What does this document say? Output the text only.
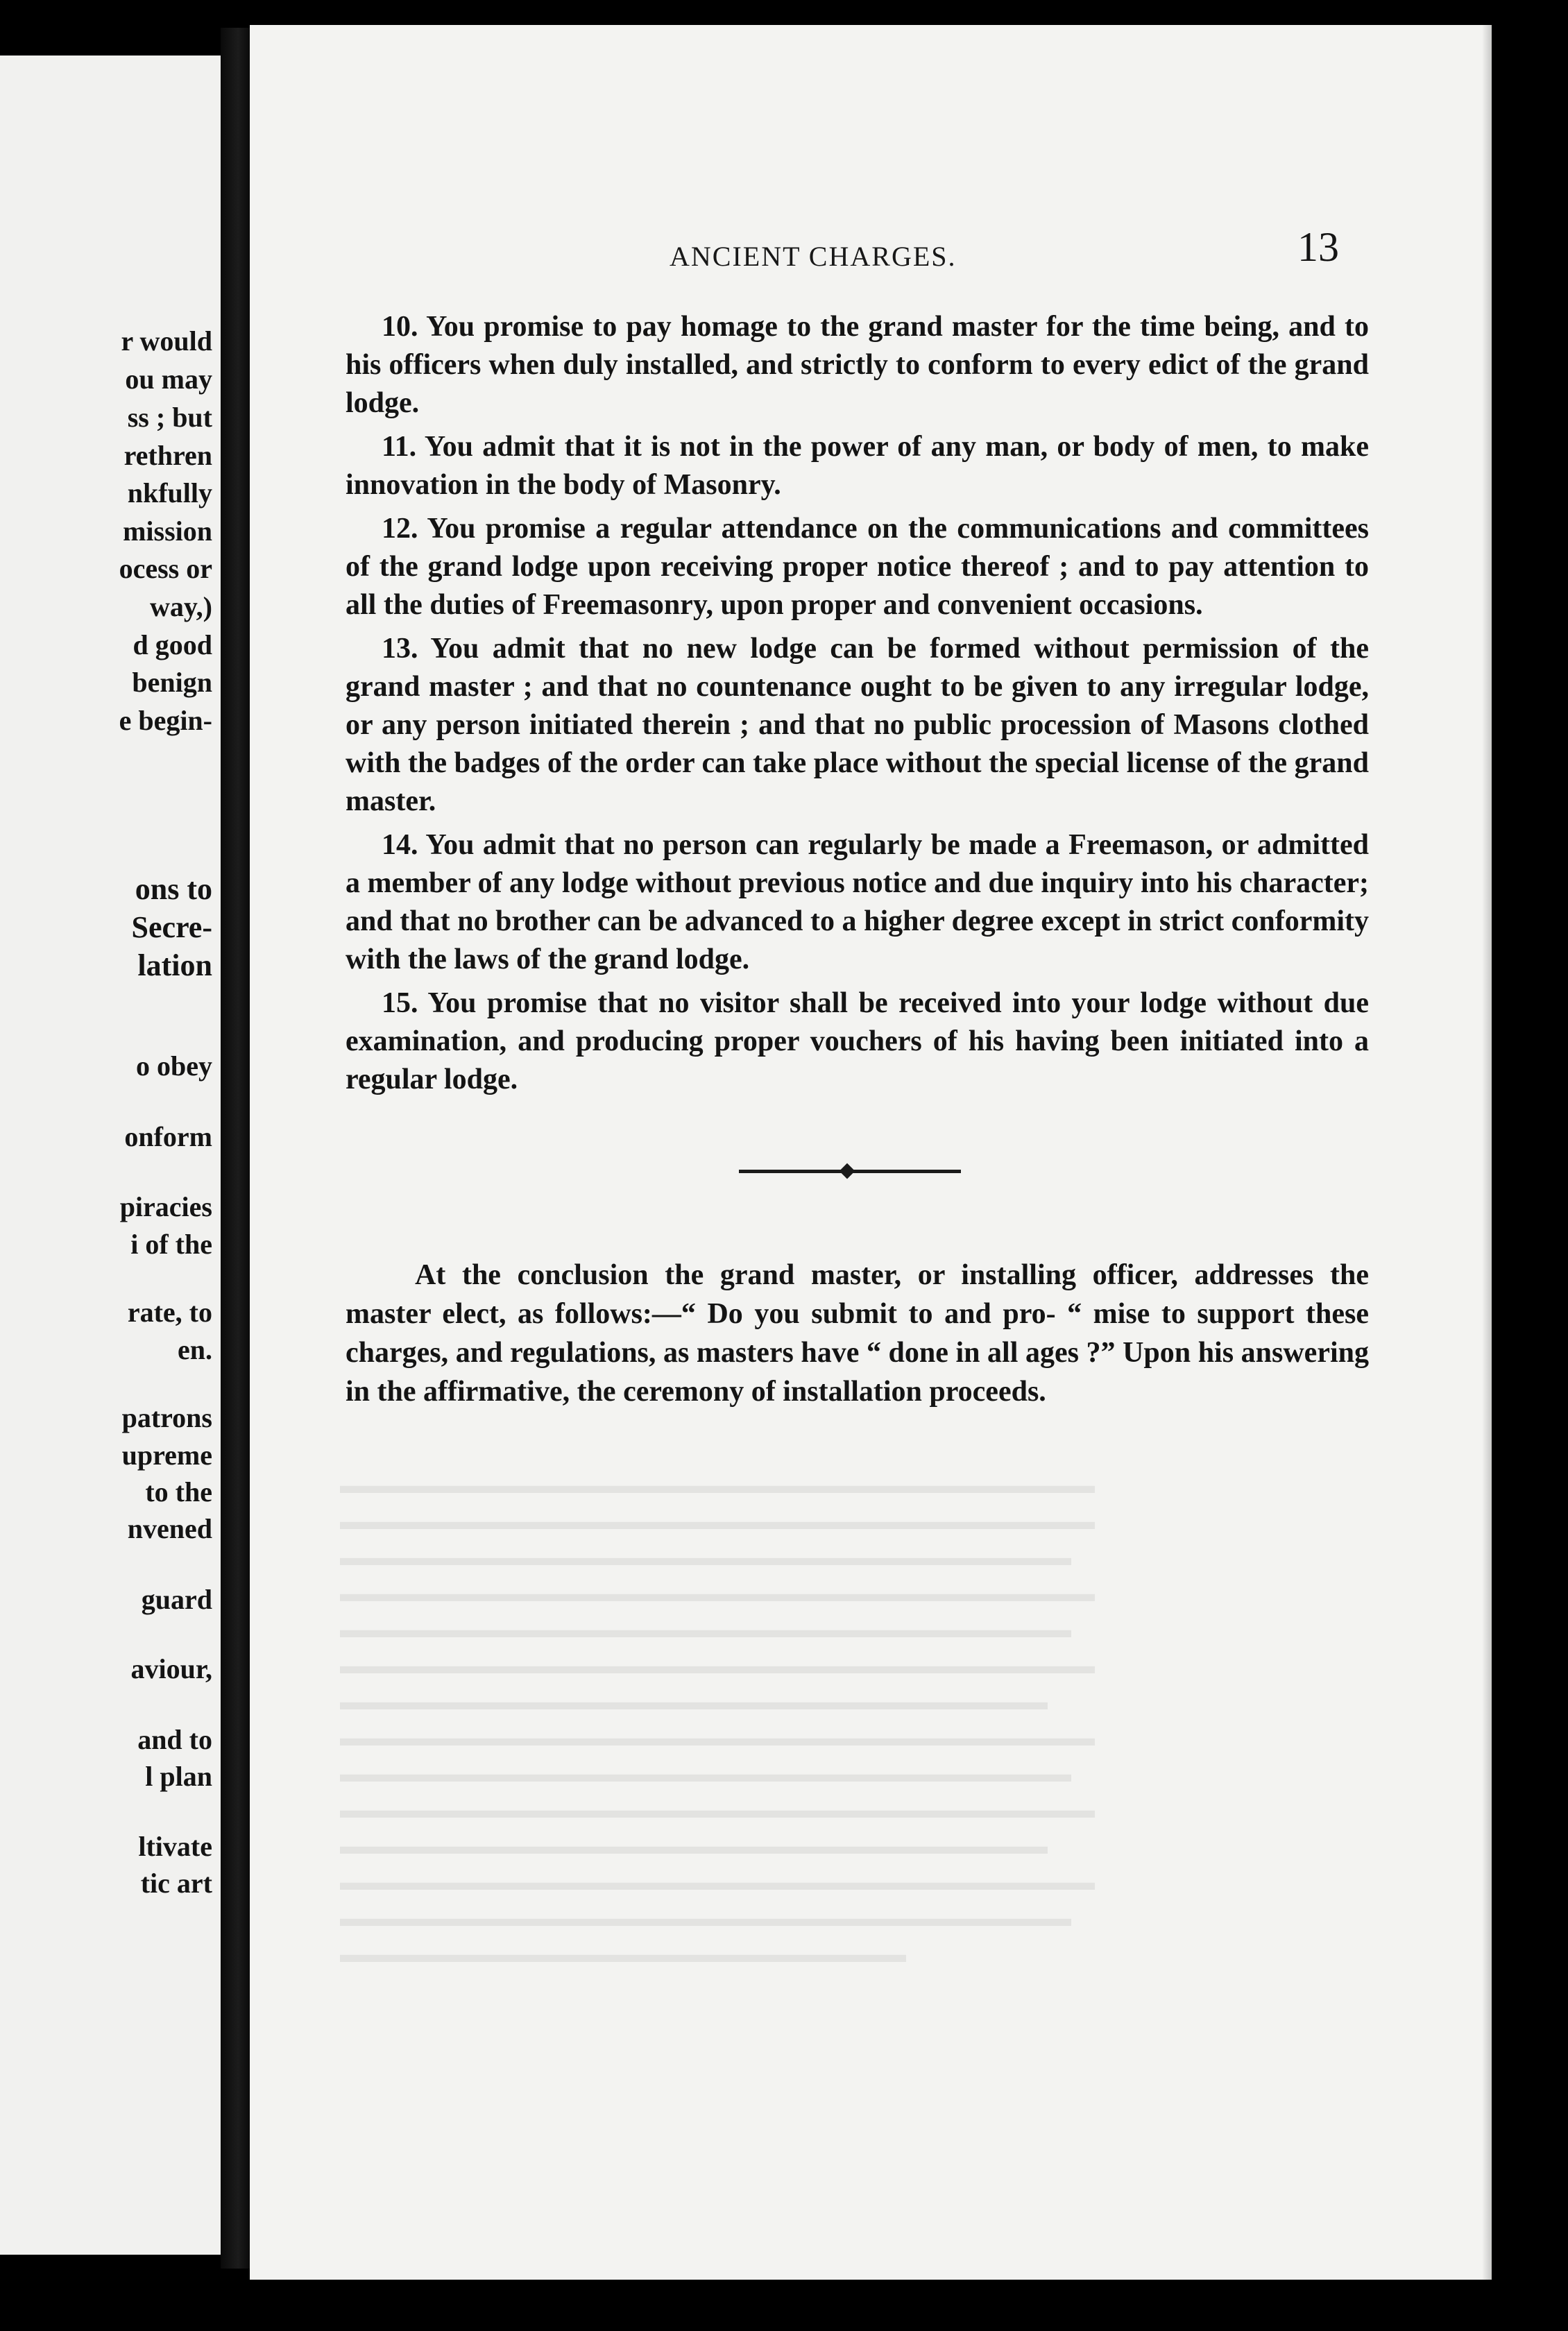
r would
ou may
ss ; but
rethren
nkfully
mission
ocess or
way,)
d good
benign
e begin-
ons to
Secre-
lation
o obey
onform
piracies
i of the
rate, to
en.
patrons
upreme
to the
nvened
guard
aviour,
and to
l plan
ltivate
tic art
ANCIENT CHARGES.	13

10. You promise to pay homage to the grand master for the time being, and to his officers when duly installed, and strictly to conform to every edict of the grand lodge.

11. You admit that it is not in the power of any man, or body of men, to make innovation in the body of Masonry.

12. You promise a regular attendance on the communications and committees of the grand lodge upon receiving proper notice thereof ; and to pay attention to all the duties of Freemasonry, upon proper and convenient occasions.

13. You admit that no new lodge can be formed without permission of the grand master ; and that no countenance ought to be given to any irregular lodge, or any person initiated therein ; and that no public procession of Masons clothed with the badges of the order can take place without the special license of the grand master.

14. You admit that no person can regularly be made a Freemason, or admitted a member of any lodge without previous notice and due inquiry into his character; and that no brother can be advanced to a higher degree except in strict conformity with the laws of the grand lodge.

15. You promise that no visitor shall be received into your lodge without due examination, and producing proper vouchers of his having been initiated into a regular lodge.

At the conclusion the grand master, or installing officer, addresses the master elect, as follows:—“ Do you submit to and pro- “ mise to support these charges, and regulations, as masters have “ done in all ages ?” Upon his answering in the affirmative, the ceremony of installation proceeds.

▬▬▬▬▬▬▬▬▬▬▬▬▬▬▬▬▬▬▬▬▬▬▬▬▬▬▬▬▬▬▬▬
▬▬▬▬▬▬▬▬▬▬▬▬▬▬▬▬▬▬▬▬▬▬▬▬▬▬▬▬▬▬▬▬
▬▬▬▬▬▬▬▬▬▬▬▬▬▬▬▬▬▬▬▬▬▬▬▬▬▬▬▬▬▬▬
▬▬▬▬▬▬▬▬▬▬▬▬▬▬▬▬▬▬▬▬▬▬▬▬▬▬▬▬▬▬▬▬
▬▬▬▬▬▬▬▬▬▬▬▬▬▬▬▬▬▬▬▬▬▬▬▬▬▬▬▬▬▬▬
▬▬▬▬▬▬▬▬▬▬▬▬▬▬▬▬▬▬▬▬▬▬▬▬▬▬▬▬▬▬▬▬
▬▬▬▬▬▬▬▬▬▬▬▬▬▬▬▬▬▬▬▬▬▬▬▬▬▬▬▬▬▬
▬▬▬▬▬▬▬▬▬▬▬▬▬▬▬▬▬▬▬▬▬▬▬▬▬▬▬▬▬▬▬▬
▬▬▬▬▬▬▬▬▬▬▬▬▬▬▬▬▬▬▬▬▬▬▬▬▬▬▬▬▬▬▬
▬▬▬▬▬▬▬▬▬▬▬▬▬▬▬▬▬▬▬▬▬▬▬▬▬▬▬▬▬▬▬▬
▬▬▬▬▬▬▬▬▬▬▬▬▬▬▬▬▬▬▬▬▬▬▬▬▬▬▬▬▬▬
▬▬▬▬▬▬▬▬▬▬▬▬▬▬▬▬▬▬▬▬▬▬▬▬▬▬▬▬▬▬▬▬
▬▬▬▬▬▬▬▬▬▬▬▬▬▬▬▬▬▬▬▬▬▬▬▬▬▬▬▬▬▬▬
▬▬▬▬▬▬▬▬▬▬▬▬▬▬▬▬▬▬▬▬▬▬▬▬
